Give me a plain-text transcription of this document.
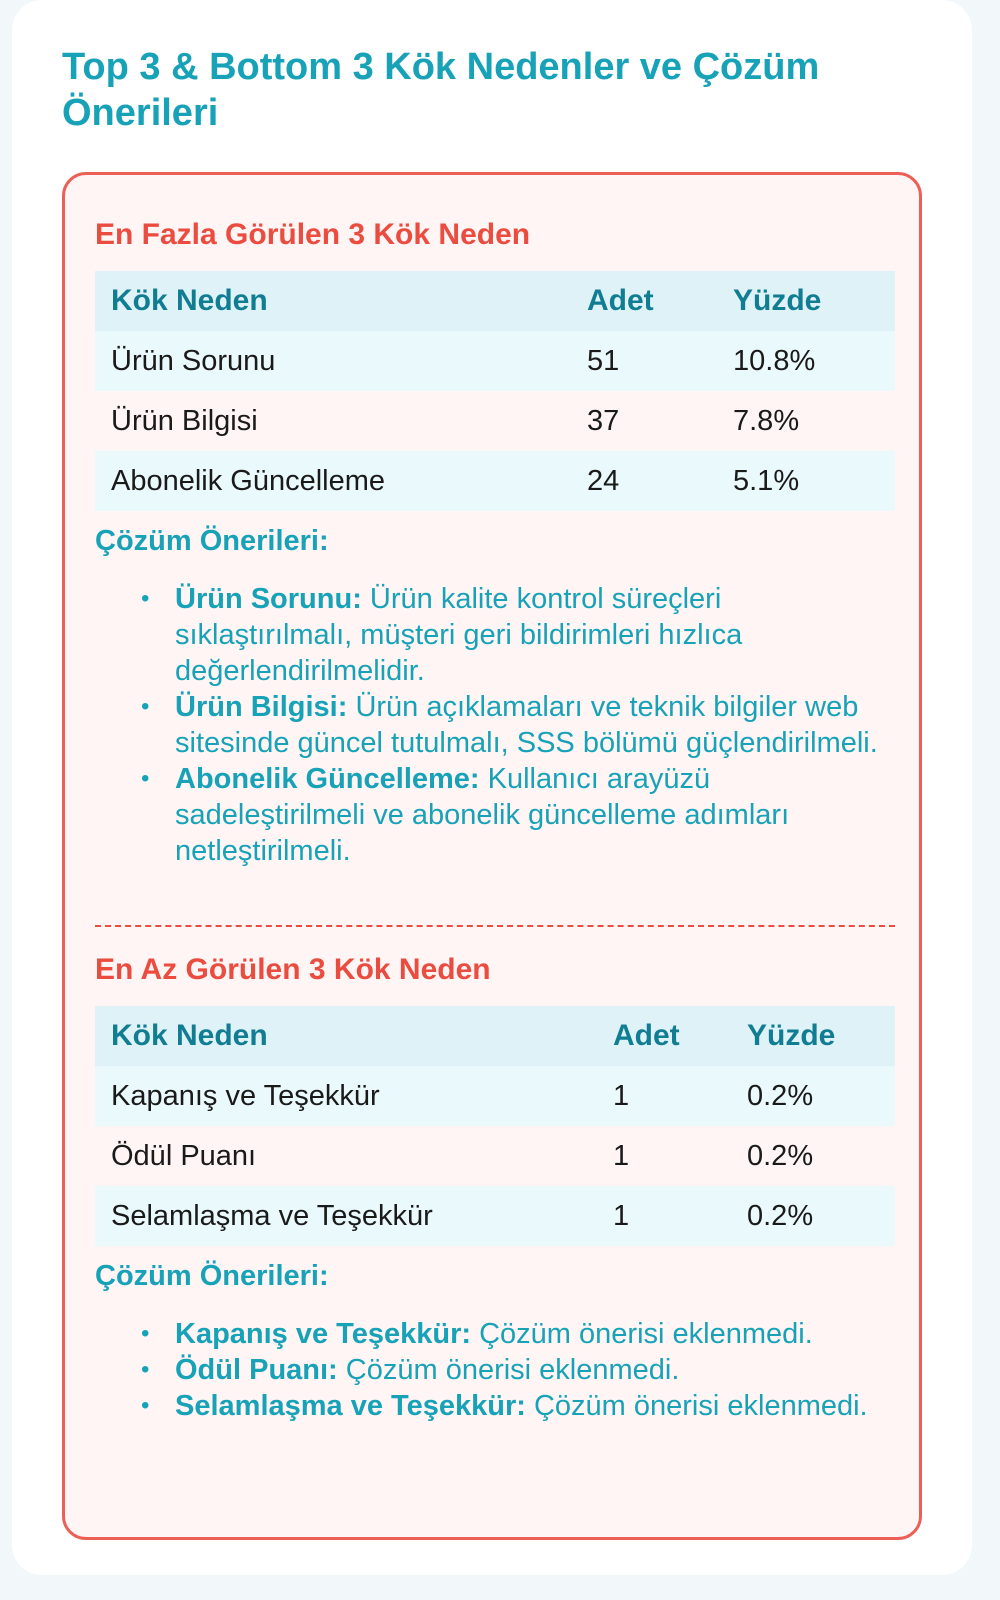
Top 3 & Bottom 3 Kök Nedenler ve Çözüm Önerileri
En Fazla Görülen 3 Kök Neden
Kök Neden	Adet	Yüzde
Ürün Sorunu	51	10.8%
Ürün Bilgisi	37	7.8%
Abonelik Güncelleme	24	5.1%
Çözüm Önerileri:
• Ürün Sorunu: Ürün kalite kontrol süreçleri sıklaştırılmalı, müşteri geri bildirimleri hızlıca değerlendirilmelidir.
• Ürün Bilgisi: Ürün açıklamaları ve teknik bilgiler web sitesinde güncel tutulmalı, SSS bölümü güçlendirilmeli.
• Abonelik Güncelleme: Kullanıcı arayüzü sadeleştirilmeli ve abonelik güncelleme adımları netleştirilmeli.
En Az Görülen 3 Kök Neden
Kök Neden	Adet	Yüzde
Kapanış ve Teşekkür	1	0.2%
Ödül Puanı	1	0.2%
Selamlaşma ve Teşekkür	1	0.2%
Çözüm Önerileri:
• Kapanış ve Teşekkür: Çözüm önerisi eklenmedi.
• Ödül Puanı: Çözüm önerisi eklenmedi.
• Selamlaşma ve Teşekkür: Çözüm önerisi eklenmedi.
